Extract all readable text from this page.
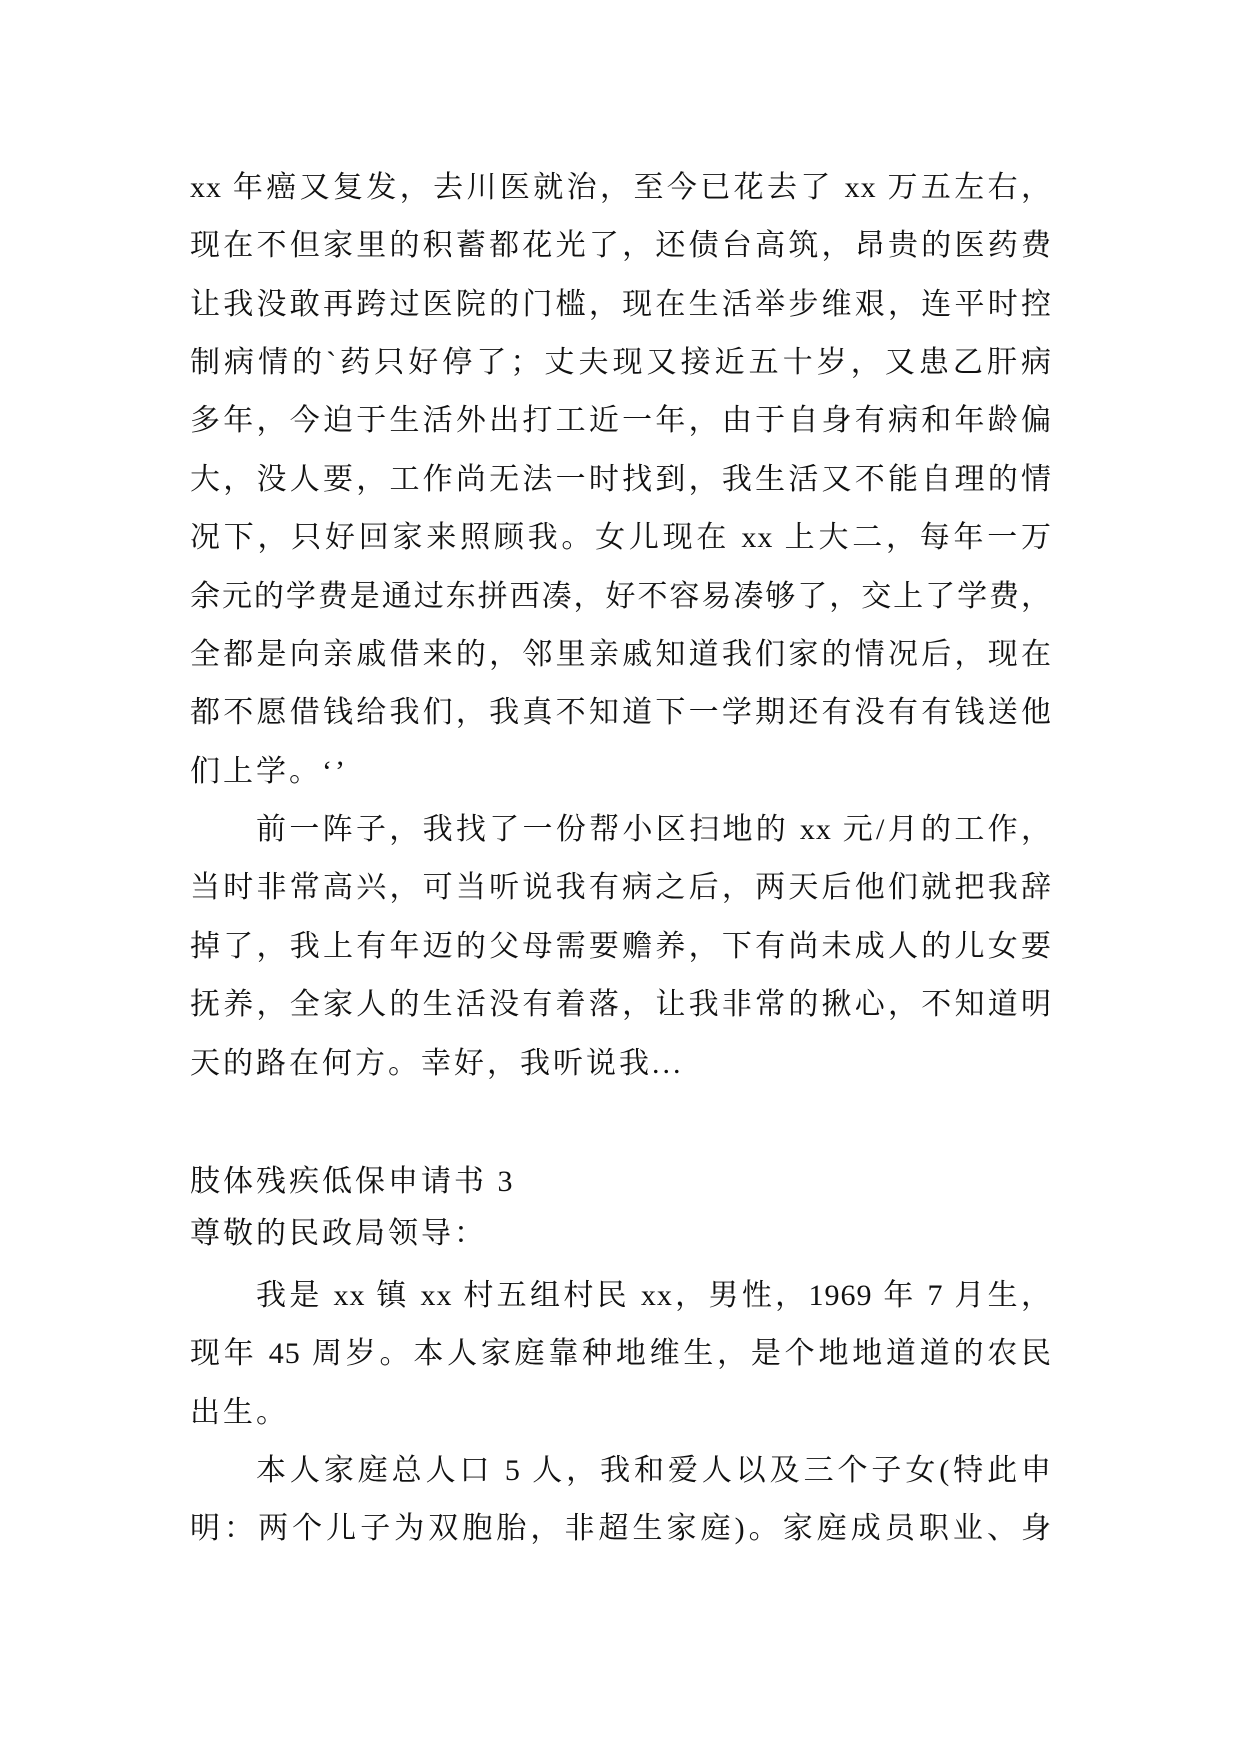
xx 年癌又复发，去川医就治，至今已花去了 xx 万五左右，
现在不但家里的积蓄都花光了，还债台高筑，昂贵的医药费
让我没敢再跨过医院的门槛，现在生活举步维艰，连平时控
制病情的`药只好停了；丈夫现又接近五十岁，又患乙肝病
多年，今迫于生活外出打工近一年，由于自身有病和年龄偏
大，没人要，工作尚无法一时找到，我生活又不能自理的情
况下，只好回家来照顾我。女儿现在 xx 上大二，每年一万
余元的学费是通过东拼西凑，好不容易凑够了，交上了学费，
全都是向亲戚借来的，邻里亲戚知道我们家的情况后，现在
都不愿借钱给我们，我真不知道下一学期还有没有有钱送他
们上学。‘’
前一阵子，我找了一份帮小区扫地的 xx 元/月的工作，
当时非常高兴，可当听说我有病之后，两天后他们就把我辞
掉了，我上有年迈的父母需要赡养，下有尚未成人的儿女要
抚养，全家人的生活没有着落，让我非常的揪心，不知道明
天的路在何方。幸好，我听说我...
肢体残疾低保申请书 3
尊敬的民政局领导：
我是 xx 镇 xx 村五组村民 xx，男性，1969 年 7 月生，
现年 45 周岁。本人家庭靠种地维生，是个地地道道的农民
出生。
本人家庭总人口 5 人，我和爱人以及三个子女(特此申
明：两个儿子为双胞胎，非超生家庭)。家庭成员职业、身
